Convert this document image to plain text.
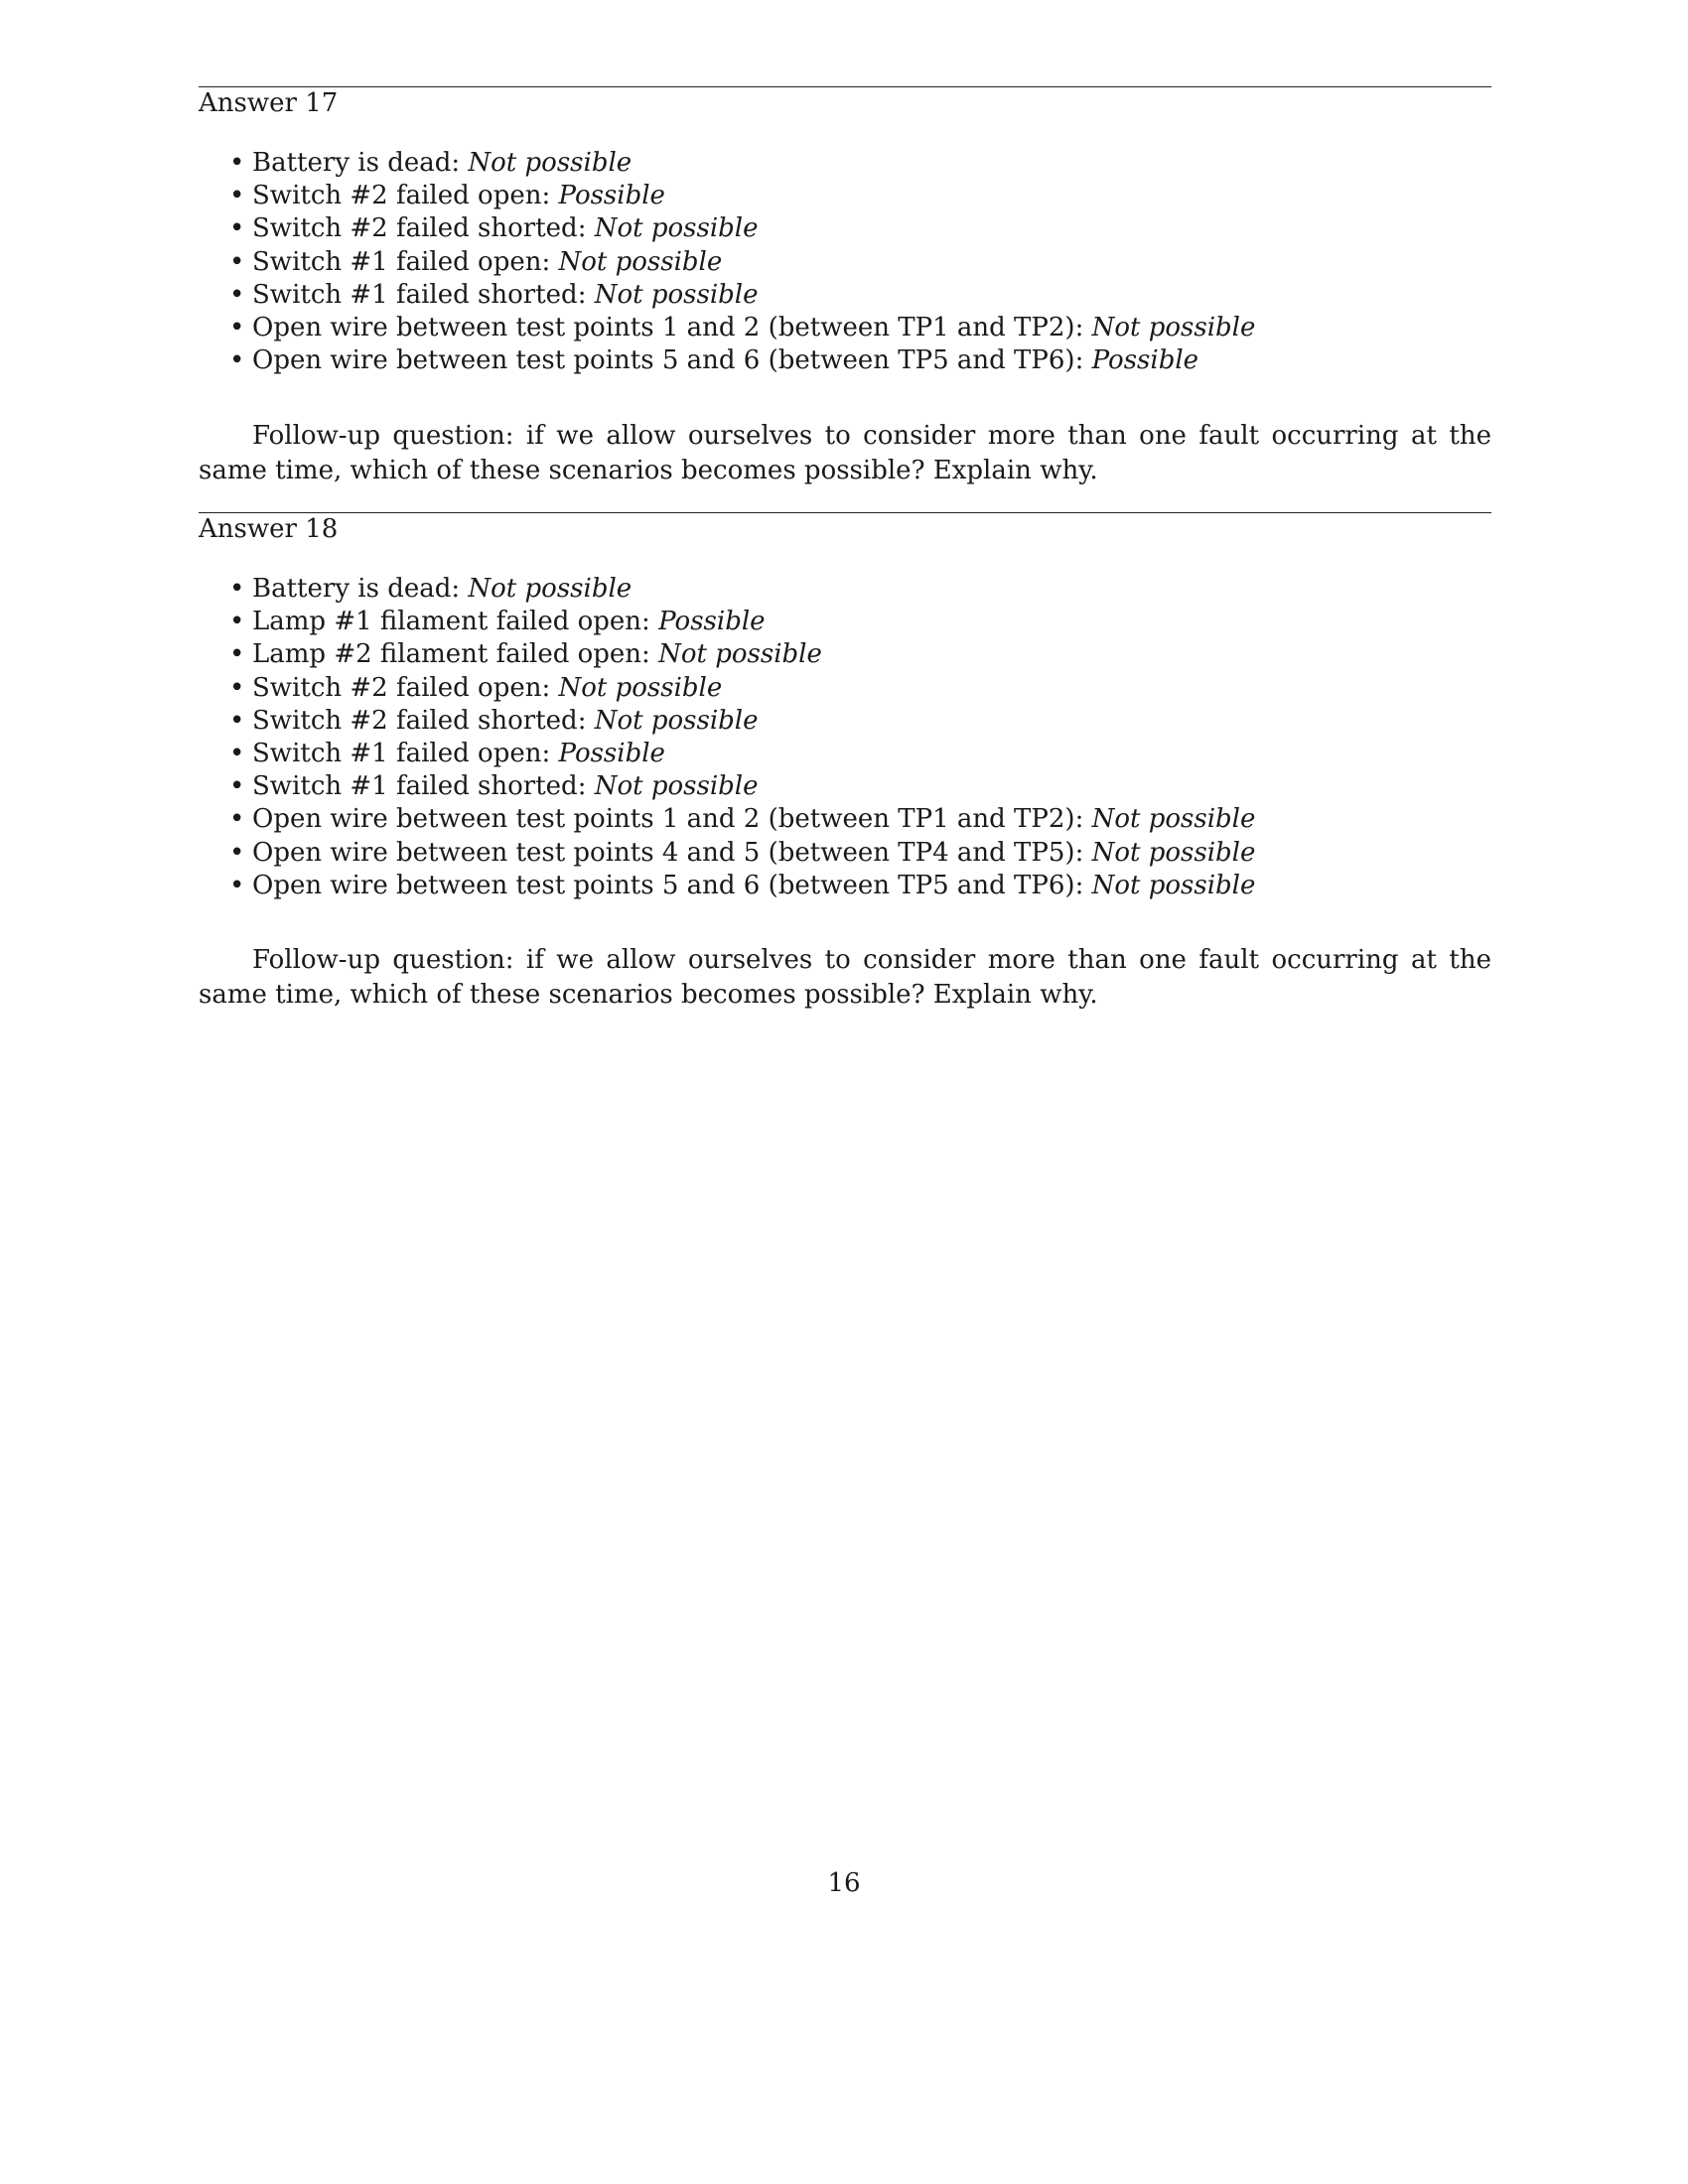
Answer 17
• Battery is dead: Not possible
• Switch #2 failed open: Possible
• Switch #2 failed shorted: Not possible
• Switch #1 failed open: Not possible
• Switch #1 failed shorted: Not possible
• Open wire between test points 1 and 2 (between TP1 and TP2): Not possible
• Open wire between test points 5 and 6 (between TP5 and TP6): Possible

Follow-up question: if we allow ourselves to consider more than one fault occurring at the same time, which of these scenarios becomes possible? Explain why.

Answer 18
• Battery is dead: Not possible
• Lamp #1 filament failed open: Possible
• Lamp #2 filament failed open: Not possible
• Switch #2 failed open: Not possible
• Switch #2 failed shorted: Not possible
• Switch #1 failed open: Possible
• Switch #1 failed shorted: Not possible
• Open wire between test points 1 and 2 (between TP1 and TP2): Not possible
• Open wire between test points 4 and 5 (between TP4 and TP5): Not possible
• Open wire between test points 5 and 6 (between TP5 and TP6): Not possible

Follow-up question: if we allow ourselves to consider more than one fault occurring at the same time, which of these scenarios becomes possible? Explain why.

16
